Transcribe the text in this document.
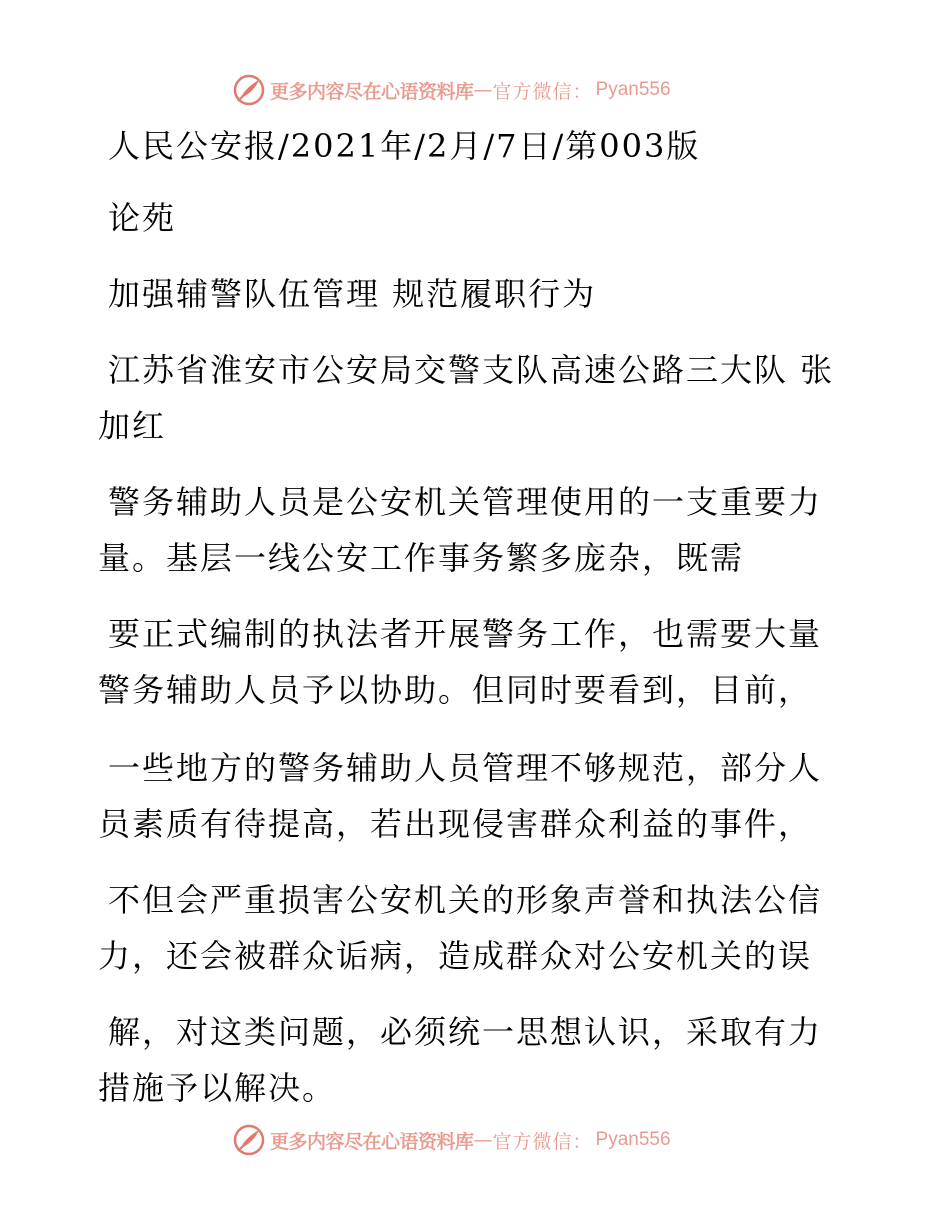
更多内容尽在心语资料库 — 官方微信： Pyan556
人民公安报/2021年/2月/7日/第003版
论苑
加强辅警队伍管理 规范履职行为
江苏省淮安市公安局交警支队高速公路三大队 张
加红
警务辅助人员是公安机关管理使用的一支重要力
量。基层一线公安工作事务繁多庞杂，既需
要正式编制的执法者开展警务工作，也需要大量
警务辅助人员予以协助。但同时要看到，目前，
一些地方的警务辅助人员管理不够规范，部分人
员素质有待提高，若出现侵害群众利益的事件，
不但会严重损害公安机关的形象声誉和执法公信
力，还会被群众诟病，造成群众对公安机关的误
解，对这类问题，必须统一思想认识，采取有力
措施予以解决。
更多内容尽在心语资料库 — 官方微信： Pyan556
